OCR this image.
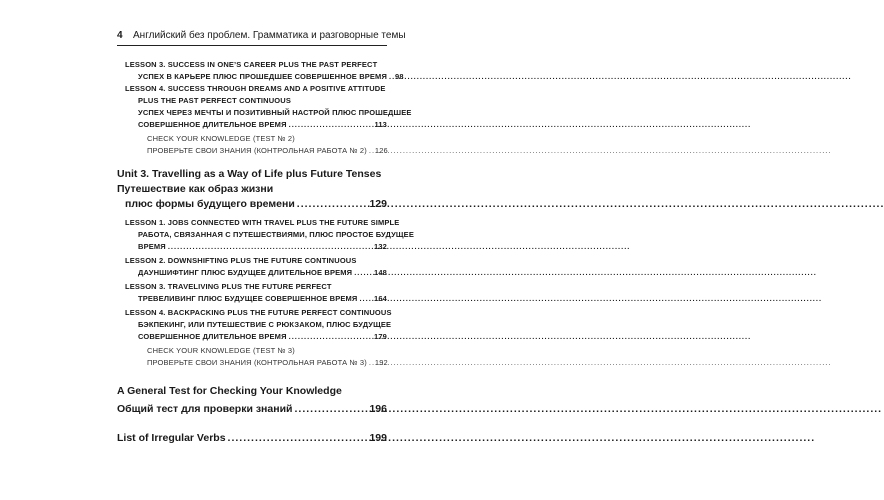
4 Английский без проблем. Грамматика и разговорные темы
LESSON 3. SUCCESS IN ONE’S CAREER PLUS THE PAST PERFECT
УСПЕХ В КАРЬЕРЕ ПЛЮС ПРОШЕДШЕЕ СОВЕРШЕННОЕ ВРЕМЯ ..... 98
LESSON 4. SUCCESS THROUGH DREAMS AND A POSITIVE ATTITUDE
PLUS THE PAST PERFECT CONTINUOUS
УСПЕХ ЧЕРЕЗ МЕЧТЫ И ПОЗИТИВНЫЙ НАСТРОЙ ПЛЮС ПРОШЕДШЕЕ
СОВЕРШЕННОЕ ДЛИТЕЛЬНОЕ ВРЕМЯ .....	113
CHECK YOUR KNOWLEDGE (TEST № 2)
ПРОВЕРЬТЕ СВОИ ЗНАНИЯ (КОНТРОЛЬНАЯ РАБОТА № 2) ..... 126
Unit 3. Travelling as a Way of Life plus Future Tenses
Путешествие как образ жизни
плюс формы будущего времени .....	129
LESSON 1. JOBS CONNECTED WITH TRAVEL PLUS THE FUTURE SIMPLE
РАБОТА, СВЯЗАННАЯ С ПУТЕШЕСТВИЯМИ, ПЛЮС ПРОСТОЕ БУДУЩЕЕ
ВРЕМЯ .....	132
LESSON 2. DOWNSHIFTING PLUS THE FUTURE CONTINUOUS
ДАУНШИФТИНГ ПЛЮС БУДУЩЕЕ ДЛИТЕЛЬНОЕ ВРЕМЯ .....	148
LESSON 3. TRAVELIVING PLUS THE FUTURE PERFECT
ТРЕВЕЛИВИНГ ПЛЮС БУДУЩЕЕ СОВЕРШЕННОЕ ВРЕМЯ ..... 164
LESSON 4. BACKPACKING PLUS THE FUTURE PERFECT CONTINUOUS
БЭКПЕКИНГ, ИЛИ ПУТЕШЕСТВИЕ С РЮКЗАКОМ, ПЛЮС БУДУЩЕЕ
СОВЕРШЕННОЕ ДЛИТЕЛЬНОЕ ВРЕМЯ .....	179
CHECK YOUR KNOWLEDGE (TEST № 3)
ПРОВЕРЬТЕ СВОИ ЗНАНИЯ (КОНТРОЛЬНАЯ РАБОТА № 3) ..... 192
A General Test for Checking Your Knowledge
Общий тест для проверки знаний .....	196
List of Irregular Verbs .....	199
